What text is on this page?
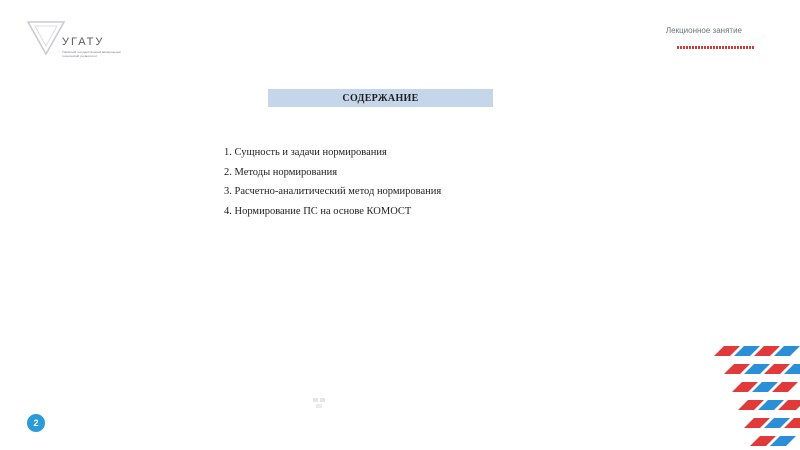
УГАТУ
Уфимский государственный авиационный технический университет
Лекционное занятие
СОДЕРЖАНИЕ
1. Сущность и задачи нормирования
2. Методы нормирования
3. Расчетно-аналитический метод нормирования
4. Нормирование ПС на основе КОМОСТ
2
